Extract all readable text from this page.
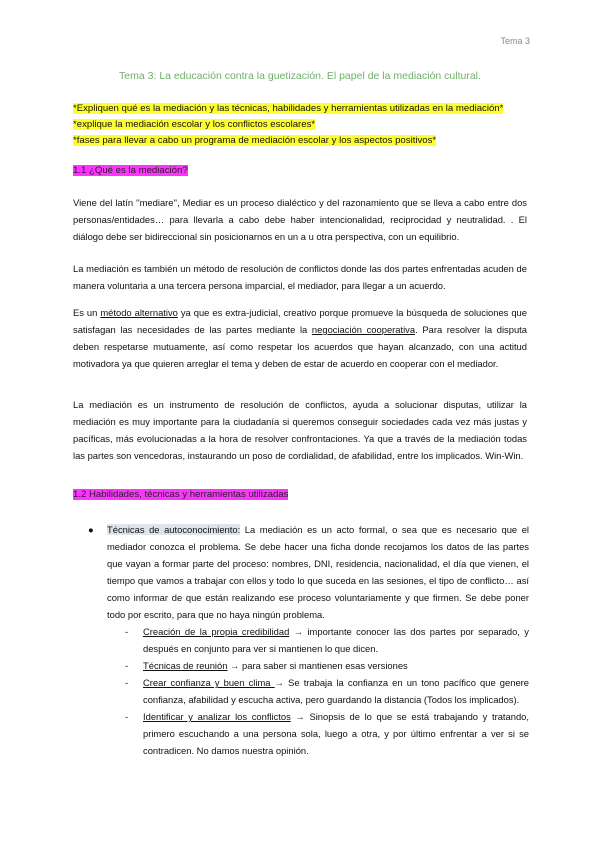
Tema 3
Tema 3: La educación contra la guetización. El papel de la mediación cultural.
*Expliquen qué es la mediación y las técnicas, habilidades y herramientas utilizadas en la mediación*
*explique la mediación escolar y los conflictos escolares*
*fases para llevar a cabo un programa de mediación escolar y los aspectos positivos*
1.1 ¿Qué es la mediación?

Viene del latín ''mediare'', Mediar es un proceso dialéctico y del razonamiento que se lleva a cabo entre dos personas/entidades… para llevarla a cabo debe haber intencionalidad, reciprocidad y neutralidad. . El diálogo debe ser bidireccional sin posicionarnos en un a u otra perspectiva, con un equilibrio.

La mediación es también un método de resolución de conflictos donde las dos partes enfrentadas acuden de manera voluntaria a una tercera persona imparcial, el mediador, para llegar a un acuerdo.

Es un método alternativo ya que es extra-judicial, creativo porque promueve la búsqueda de soluciones que satisfagan las necesidades de las partes mediante la negociación cooperativa. Para resolver la disputa deben respetarse mutuamente, así como respetar los acuerdos que hayan alcanzado, con una actitud motivadora ya que quieren arreglar el tema y deben de estar de acuerdo en cooperar con el mediador.

La mediación es un instrumento de resolución de conflictos, ayuda a solucionar disputas, utilizar la mediación es muy importante para la ciudadanía si queremos conseguir sociedades cada vez más justas y pacíficas, más evolucionadas a la hora de resolver confrontaciones. Ya que a través de la mediación todas las partes son vencedoras, instaurando un poso de cordialidad, de afabilidad, entre los implicados. Win-Win.

1.2 Habilidades, técnicas y herramientas utilizadas
● Técnicas de autoconocimiento: La mediación es un acto formal, o sea que es necesario que el mediador conozca el problema. Se debe hacer una ficha donde recojamos los datos de las partes que vayan a formar parte del proceso: nombres, DNI, residencia, nacionalidad, el día que vienen, el tiempo que vamos a trabajar con ellos y todo lo que suceda en las sesiones, el tipo de conflicto… así como informar de que están realizando ese proceso voluntariamente y que firmen. Se debe poner todo por escrito, para que no haya ningún problema.
- Creación de la propia credibilidad → importante conocer las dos partes por separado, y después en conjunto para ver si mantienen lo que dicen.
- Técnicas de reunión → para saber si mantienen esas versiones
- Crear confianza y buen clima → Se trabaja la confianza en un tono pacífico que genere confianza, afabilidad y escucha activa, pero guardando la distancia (Todos los implicados).
- Identificar y analizar los conflictos → Sinopsis de lo que se está trabajando y tratando, primero escuchando a una persona sola, luego a otra, y por último enfrentar a ver si se contradicen. No damos nuestra opinión.
